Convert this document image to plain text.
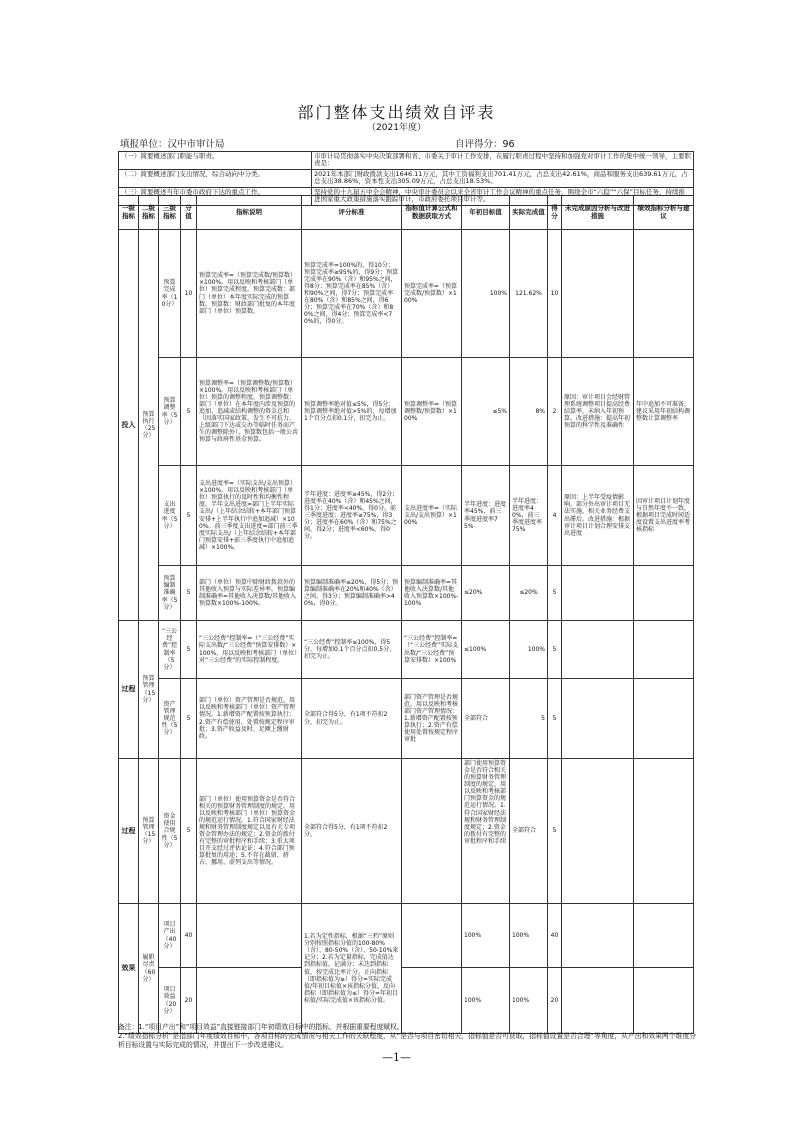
部门整体支出绩效自评表
（2021年度）
填报单位：汉中市审计局	自评得分：96
（一）简要概述部门职能与职责。	市审计局贯彻落实中央决策部署和省、市委关于审计工作安排，在履行职责过程中坚持和加强党对审计工作的集中统一领导，主要职责是：
（二）简要概述部门支出情况，综合动向中分类。	2021年本部门财政拨款支出1646.11万元，其中工资福利支出701.41万元，占总支出42.61%，商品和服务支出639.61万元，占总支出38.86%，资本性支出305.09万元，占总支出18.53%。
（三）简要概述当年市委市政府下达的重点工作。	坚持党的十九届五中全会精神，中央审计委员会以来全省审计工作会议精神的重点任务，围绕全市“六稳”“六保”目标任务，持续推进国家重大政策措施落实跟踪审计，市政府委托项目审计等。
一级指标	二级指标	三级指标	分值	指标说明	评分标准	指标值计算公式和数据获取方式	年初目标值	实际完成值	得分	未完成原因分析与改进措施	绩效指标分析与建议
投入	预算执行（25分）	预算完成率（10分）	10	预算完成率=（预算完成数/预算数）×100%。用以反映和考核部门（单位）预算完成程度。预算完成数：部门（单位）本年度实际完成的预算数。预算数：财政部门批复的本年度部门（单位）预算数。	预算完成率=100%的，得10分；预算完成率≥95%的，得9分；预算完成率在90%（含）和95%之间，得8分；预算完成率在85%（含）和90%之间，得7分；预算完成率在80%（含）和85%之间，得6分；预算完成率在70%（含）和80%之间，得4分；预算完成率<70%的，得0分。	预算完成率=（预算完成数/预算数）×100%	100%	121.62%	10		
		预算调整率（5分）	5	预算调整率=（预算调整数/预算数）×100%。用以反映和考核部门（单位）预算的调整程度。预算调整数：部门（单位）在本年度内涉及预算的追加、追减或结构调整的资金总和（因落实国家政策、发生不可抗力、上级部门下达或交办等临时任务而产生的调整除外）。预算数包括一般公共预算与政府性基金预算。	预算调整率绝对值≤5%，得5分；预算调整率绝对值>5%的，每增加1个百分点扣0.1分，扣完为止。	预算调整率=（预算调整数/预算数）×100%	≤5%	8%	2	原因：审计项目会经财管理系统调整项目提高经费结算率，未纳入年初预算。改进措施：提高年初预算的科学性及准确性	年中追加不可准备，建议采用年初结构调整数计算调整率
		支出进度率（5分）	5	支出进度率=（实际支出/支出预算）×100%，用以反映和考核部门（单位）预算执行的及时性和均衡性程度。半年支出进度=部门上半年实际支出/（上年结余结转+本年部门预算安排+上半年执行中追加追减）×100%。前三季度支出进度=部门前三季度实际支出/（上年结余结转+本年部门预算安排+前三季度执行中追加追减）×100%。	半年进度：进度率≥45%，得2分；进度率在40%（含）和45%之间，得1分；进度率<40%，得0分。前三季度进度：进度率≥75%，得3分；进度率在60%（含）和75%之间，得2分；进度率<60%，得0分。	支出进度率=（实际支出/支出预算）×100%	半年进度：进度率45%，前三季度进度率75%	半年进度：进度率40%，前三季度进度率75%	4	原因：上半年受疫情影响，部分外出审计项目无法实施，相关业务经费支出滞后。改进措施：根据审计项目计划合理安排支出进度	因审计项目计划年度与自然年度不一致，根据项目完成时间适度设置支出进度率考核指标
		预算编制准确率（5分）	5	部门（单位）预算中除财政拨款外的其他收入预算与实际差异率。预算编制准确率=其他收入决算数/其他收入预算数×100%-100%。	预算编制准确率≤20%，得5分；预算编制准确率在20%和40%（含）之间，得3分；预算编制准确率>40%，得0分。	预算编制准确率=其他收入决算数/其他收入预算数×100%-100%	≤20%	≤20%	5		
过程	预算管理（15分）	“三公经费”控制率（5分）	5	“三公经费”控制率=（“三公经费”实际支出数/“三公经费”预算安排数）×100%，用以反映和考核部门（单位）对“三公经费”的实际控制程度。	“三公经费”控制率≤100%，得5分，每增加0.1个百分点扣0.5分，扣完为止。	“三公经费”控制率=（“三公经费”实际支出数/“三公经费”预算安排数）×100%	≤100%	100%	5		
		资产管理规范性（5分）	5	部门（单位）资产管理是否规范，用以反映和考核部门（单位）资产管理情况。1.新增资产配置按预算执行；2.资产有偿使用、处置按规定程序审批；3.资产收益及时、足额上缴财政。	全部符合得5分，有1项不符扣2分，扣完为止。	部门资产管理是否规范，用以反映和考核部门资产管理情况：1.新增资产配置按预算执行；2.资产有偿使用处置按规定程序审批	全部符合	5	5		
过程	预算管理（15分）	资金使用合规性（5分）	5	部门（单位）使用预算资金是否符合相关的预算财务管理制度的规定，用以反映和考核部门（单位）预算资金的规范运行情况。1.符合国家财经法规和财务管理制度规定以及有关专项资金管理办法的规定；2.资金的拨付有完整的审批程序和手续；3.重大项目开支经过评估论证；4.符合部门预算批复的用途；5.不存在截留、挤占、挪用、虚列支出等情况。	全部符合得5分，有1项不符扣2分。		部门使用预算资金是否符合相关的预算财务管理制度的规定，用以反映和考核部门预算资金的规范运行情况。1.符合国家财经法规和财务管理制度规定；2.资金的拨付有完整的审批程序和手续	全部符合	5		
效果	履职尽责（60分）	项目产出（40分）	40		1.若为定性指标，根据“三档”原则分别按照指标分值的100-80%（含）、80-50%（含）、50-10%来记分；2.若为定量指标，完成值达到指标值，记满分；未达到指标值，按完成比率计分。正向指标（即指标值为≥）得分=实际完成值/年初目标值×该指标分值，反向指标（即指标值为≤）得分=年初目标值/实际完成值×该指标分值。		100%	100%	40		
		项目效益（20分）	20				100%	100%	20		
备注：1.“项目产出”和“项目效益”直接链接部门年初绩效目标中的指标，并根据重要程度赋权。
2.“绩效指标分析”是指部门年度绩效目标中，各项目标的完成情况与相关工作的关联程度，从“是否与项目密切相关，指标值是否可获取，指标值设置是否合理”等角度，从产出和效果两个维度分析目标设置与实际完成的情况，并提出下一步改进建议。
—1—
